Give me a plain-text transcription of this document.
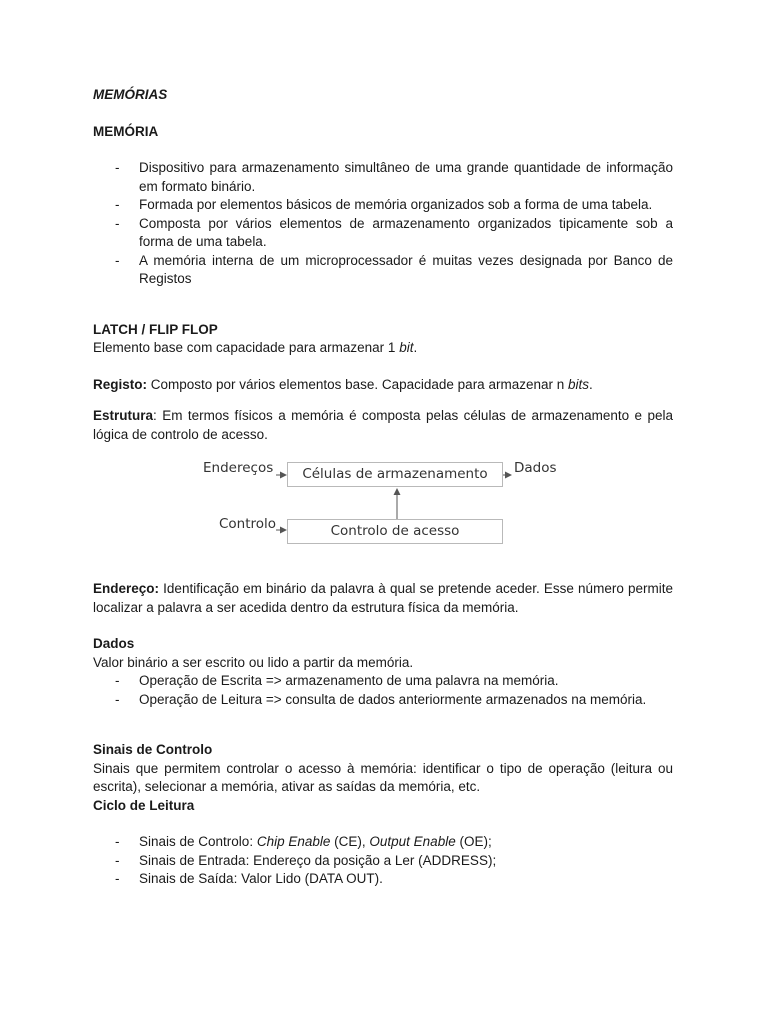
MEMÓRIAS
MEMÓRIA
- Dispositivo para armazenamento simultâneo de uma grande quantidade de informação em formato binário.
- Formada por elementos básicos de memória organizados sob a forma de uma tabela.
- Composta por vários elementos de armazenamento organizados tipicamente sob a forma de uma tabela.
- A memória interna de um microprocessador é muitas vezes designada por Banco de Registos
LATCH / FLIP FLOP
Elemento base com capacidade para armazenar 1 bit.
Registo: Composto por vários elementos base. Capacidade para armazenar n bits.
Estrutura: Em termos físicos a memória é composta pelas células de armazenamento e pela lógica de controlo de acesso.
Endereços	Células de armazenamento	Dados
Controlo	Controlo de acesso
Endereço: Identificação em binário da palavra à qual se pretende aceder. Esse número permite localizar a palavra a ser acedida dentro da estrutura física da memória.
Dados
Valor binário a ser escrito ou lido a partir da memória.
- Operação de Escrita => armazenamento de uma palavra na memória.
- Operação de Leitura => consulta de dados anteriormente armazenados na memória.
Sinais de Controlo
Sinais que permitem controlar o acesso à memória: identificar o tipo de operação (leitura ou escrita), selecionar a memória, ativar as saídas da memória, etc.
Ciclo de Leitura
- Sinais de Controlo: Chip Enable (CE), Output Enable (OE);
- Sinais de Entrada: Endereço da posição a Ler (ADDRESS);
- Sinais de Saída: Valor Lido (DATA OUT).
